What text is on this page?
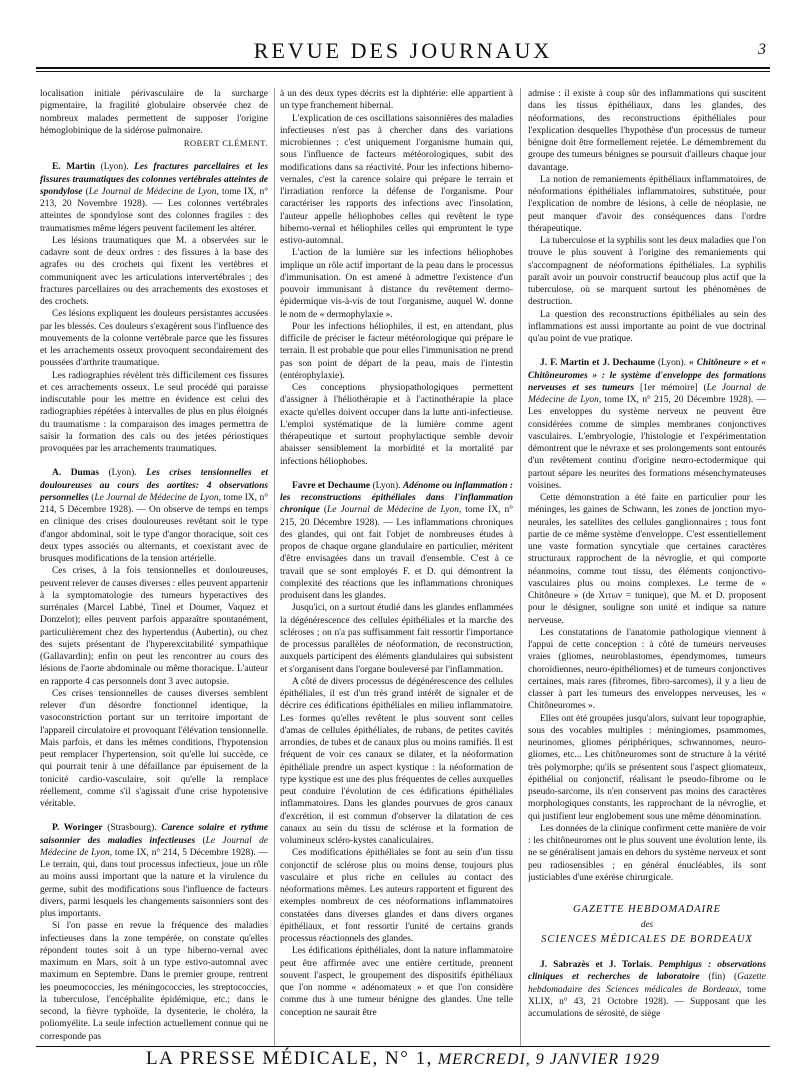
REVUE DES JOURNAUX	3

localisation initiale périvasculaire de la surcharge pigmentaire, la fragilité globulaire observée chez de nombreux malades permettent de supposer l'origine hémoglobinique de la sidérose pulmonaire.

ROBERT CLÉMENT.

E. Martin (Lyon). Les fractures parcellaires et les fissures traumatiques des colonnes vertébrales atteintes de spondylose (Le Journal de Médecine de Lyon, tome IX, n° 213, 20 Novembre 1928). — Les colonnes vertébrales atteintes de spondylose sont des colonnes fragiles : des traumatismes même légers peuvent facilement les altérer.

Les lésions traumatiques que M. a observées sur le cadavre sont de deux ordres : des fissures à la base des agrafes ou des crochets qui fixent les vertèbres et communiquent avec les articulations intervertébrales ; des fractures parcellaires ou des arrachements des exostoses et des crochets.

Ces lésions expliquent les douleurs persistantes accusées par les blessés. Ces douleurs s'exagèrent sous l'influence des mouvements de la colonne vertébrale parce que les fissures et les arrachements osseux provoquent secondairement des poussées d'arthrite traumatique.

Les radiographies révèlent très difficilement ces fissures et ces arrachements osseux. Le seul procédé qui paraisse indiscutable pour les mettre en évidence est celui des radiographies répétées à intervalles de plus en plus éloignés du traumatisme : la comparaison des images permettra de saisir la formation des cals ou des jetées périostiques provoquées par les arrachements traumatiques.

A. Dumas (Lyon). Les crises tensionnelles et douloureuses au cours des aortites: 4 observations personnelles (Le Journal de Médecine de Lyon, tome IX, n° 214, 5 Décembre 1928). — On observe de temps en temps en clinique des crises douloureuses revêtant soit le type d'angor abdominal, soit le type d'angor thoracique, soit ces deux types associés ou alternants, et coexistant avec de brusques modifications de la tension artérielle.

Ces crises, à la fois tensionnelles et douloureuses, peuvent relever de causes diverses : elles peuvent appartenir à la symptomatologie des tumeurs hyperactives des surrénales (Marcel Labbé, Tinel et Doumer, Vaquez et Donzelot); elles peuvent parfois apparaître spontanément, particulièrement chez des hypertendus (Aubertin), ou chez des sujets présentant de l'hyperexcitabilité sympathique (Gallavardin); enfin on peut les rencontrer au cours des lésions de l'aorte abdominale ou même thoracique. L'auteur en rapporte 4 cas personnels dont 3 avec autopsie.

Ces crises tensionnelles de causes diverses semblent relever d'un désordre fonctionnel identique, la vasoconstriction portant sur un territoire important de l'appareil circulatoire et provoquant l'élévation tensionnelle. Mais parfois, et dans les mêmes conditions, l'hypotension peut remplacer l'hypertension, soit qu'elle lui succède, ce qui pourrait tenir à une défaillance par épuisement de la tonicité cardio-vasculaire, soit qu'elle la remplace réellement, comme s'il s'agissait d'une crise hypotensive véritable.

P. Woringer (Strasbourg). Carence solaire et rythme saisonnier des maladies infectieuses (Le Journal de Médecine de Lyon, tome IX, n° 214, 5 Décembre 1928). — Le terrain, qui, dans tout processus infectieux, joue un rôle au moins aussi important que la nature et la virulence du germe, subit des modifications sous l'influence de facteurs divers, parmi lesquels les changements saisonniers sont des plus importants.

Si l'on passe en revue la fréquence des maladies infectieuses dans la zone tempérée, on constate qu'elles répondent toutes soit à un type hiberno-vernal avec maximum en Mars, soit à un type estivo-automnal avec maximum en Septembre. Dans le premier groupe, rentrent les pneumococcies, les méningococcies, les streptococcies, la tuberculose, l'encéphalite épidémique, etc.; dans le second, la fièvre typhoïde, la dysenterie, le choléra, la poliomyélite. La seule infection actuellement connue qui ne corresponde pas

à un des deux types décrits est la diphtérie: elle appartient à un type franchement hibernal.

L'explication de ces oscillations saisonnières des maladies infectieuses n'est pas à chercher dans des variations microbiennes : c'est uniquement l'organisme humain qui, sous l'influence de facteurs météorologiques, subit des modifications dans sa réactivité. Pour les infections hiberno-vernales, c'est la carence solaire qui prépare le terrain et l'irradiation renforce la défense de l'organisme. Pour caractériser les rapports des infections avec l'insolation, l'auteur appelle héliophobes celles qui revêtent le type hiberno-vernal et héliophiles celles qui empruntent le type estivo-automnal.

L'action de la lumière sur les infections héliophobes implique un rôle actif important de la peau dans le processus d'immunisation. On est amené à admettre l'existence d'un pouvoir immunisant à distance du revêtement dermo-épidermique vis-à-vis de tout l'organisme, auquel W. donne le nom de « dermophylaxie ».

Pour les infections héliophiles, il est, en attendant, plus difficile de préciser le facteur météorologique qui prépare le terrain. Il est probable que pour elles l'immunisation ne prend pas son point de départ de la peau, mais de l'intestin (entérophylaxie).

Ces conceptions physiopathologiques permettent d'assigner à l'héliothérapie et à l'actinothérapie la place exacte qu'elles doivent occuper dans la lutte anti-infectieuse. L'emploi systématique de la lumière comme agent thérapeutique et surtout prophylactique semble devoir abaisser sensiblement la morbidité et la mortalité par infections héliophobes.

Favre et Dechaume (Lyon). Adénome ou inflammation : les reconstructions épithéliales dans l'inflammation chronique (Le Journal de Médecine de Lyon, tome IX, n° 215, 20 Décembre 1928). — Les inflammations chroniques des glandes, qui ont fait l'objet de nombreuses études à propos de chaque organe glandulaire en particulier, méritent d'être envisagées dans un travail d'ensemble. C'est à ce travail que se sont employés F. et D. qui démontrent la complexité des réactions que les inflammations chroniques produisent dans les glandes.

Jusqu'ici, on a surtout étudié dans les glandes enflammées la dégénérescence des cellules épithéliales et la marche des scléroses ; on n'a pas suffisamment fait ressortir l'importance de processus parallèles de néoformation, de reconstruction, auxquels participent des éléments glandulaires qui subsistent et s'organisent dans l'organe bouleversé par l'inflammation.

A côté de divers processus de dégénérescence des cellules épithéliales, il est d'un très grand intérêt de signaler et de décrire ces édifications épithéliales en milieu inflammatoire. Les formes qu'elles revêtent le plus souvent sont celles d'amas de cellules épithéliales, de rubans, de petites cavités arrondies, de tubes et de canaux plus ou moins ramifiés. Il est fréquent de voir ces canaux se dilater, et la néoformation épithéliale prendre un aspect kystique : la néoformation de type kystique est une des plus fréquentes de celles auxquelles peut conduire l'évolution de ces édifications épithéliales inflammatoires. Dans les glandes pourvues de gros canaux d'excrétion, il est commun d'observer la dilatation de ces canaux au sein du tissu de sclérose et la formation de volumineux scléro-kystes canaliculaires.

Ces modifications épithéliales se font au sein d'un tissu conjonctif de sclérose plus ou moins dense, toujours plus vasculaire et plus riche en cellules au contact des néoformations mêmes. Les auteurs rapportent et figurent des exemples nombreux de ces néoformations inflammatoires constatées dans diverses glandes et dans divers organes épithéliaux, et font ressortir l'unité de certains grands processus réactionnels des glandes.

Les édifications épithéliales, dont la nature inflammatoire peut être affirmée avec une entière certitude, prennent souvent l'aspect, le groupement des dispositifs épithéliaux que l'on nomme « adénomateux » et que l'on considère comme dus à une tumeur bénigne des glandes. Une telle conception ne saurait être

admise : il existe à coup sûr des inflammations qui suscitent dans les tissus épithéliaux, dans les glandes, des néoformations, des reconstructions épithéliales pour l'explication desquelles l'hypothèse d'un processus de tumeur bénigne doit être formellement rejetée. Le démembrement du groupe des tumeurs bénignes se poursuit d'ailleurs chaque jour davantage.

La notion de remaniements épithéliaux inflammatoires, de néoformations épithéliales inflammatoires, substituée, pour l'explication de nombre de lésions, à celle de néoplasie, ne peut manquer d'avoir des conséquences dans l'ordre thérapeutique.

La tuberculose et la syphilis sont les deux maladies que l'on trouve le plus souvent à l'origine des remaniements qui s'accompagnent de néoformations épithéliales. La syphilis paraît avoir un pouvoir constructif beaucoup plus actif que la tuberculose, où se marquent surtout les phénomènes de destruction.

La question des reconstructions épithéliales au sein des inflammations est aussi importante au point de vue doctrinal qu'au point de vue pratique.

J. F. Martin et J. Dechaume (Lyon). « Chitôneure » et « Chitôneuromes » : le système d'enveloppe des formations nerveuses et ses tumeurs [1er mémoire] (Le Journal de Médecine de Lyon, tome IX, n° 215, 20 Décembre 1928). — Les enveloppes du système nerveux ne peuvent être considérées comme de simples membranes conjonctives vasculaires. L'embryologie, l'histologie et l'expérimentation démontrent que le névraxe et ses prolongements sont entourés d'un revêtement continu d'origine neuro-ectodermique qui partout sépare les neurites des formations mésenchymateuses voisines.

Cette démonstration a été faite en particulier pour les méninges, les gaines de Schwann, les zones de jonction myo-neurales, les satellites des cellules ganglionnaires ; tous font partie de ce même système d'enveloppe. C'est essentiellement une vaste formation syncytiale que certaines caractères structuraux rapprochent de la névroglie, et qui comporte néanmoins, comme tout tissu, des éléments conjonctivo-vasculaires plus ou moins complexes. Le terme de « Chitôneure » (de Xιτων = tunique), que M. et D. proposent pour le désigner, souligne son unité et indique sa nature nerveuse.

Les constatations de l'anatomie pathologique viennent à l'appui de cette conception : à côté de tumeurs nerveuses vraies (gliomes, neuroblastomes, épendymomes, tumeurs choroïdiennes, neuro-épithéliomes) et de tumeurs conjonctives certaines, mais rares (fibromes, fibro-sarcomes), il y a lieu de classer à part les tumeurs des enveloppes nerveuses, les « Chitôneuromes ».

Elles ont été groupées jusqu'alors, suivant leur topographie, sous des vocables multiples : méningiomes, psammomes, neurinomes, gliomes périphériques, schwannomes, neuro-gliomes, etc... Les chitôneuromes sont de structure à la vérité très polymorphe; qu'ils se présentent sous l'aspect gliomateux, épithélial ou conjonctif, réalisant le pseudo-fibrome ou le pseudo-sarcome, ils n'en conservent pas moins des caractères morphologiques constants, les rapprochant de la névroglie, et qui justifient leur englobement sous une même dénomination.

Les données de la clinique confirment cette manière de voir : les chitôneuromes ont le plus souvent une évolution lente, ils ne se généralisent jamais en dehors du système nerveux et sont peu radiosensibles ; en général énucléables, ils sont justiciables d'une exérèse chirurgicale.

GAZETTE HEBDOMADAIRE
des
SCIENCES MÉDICALES DE BORDEAUX

J. Sabrazès et J. Torlais. Pemphigus : observations cliniques et recherches de laboratoire (fin) (Gazette hebdomadaire des Sciences médicales de Bordeaux, tome XLIX, n° 43, 21 Octobre 1928). — Supposant que les accumulations de sérosité, de siège

LA PRESSE MÉDICALE, N° 1, MERCREDI, 9 JANVIER 1929
